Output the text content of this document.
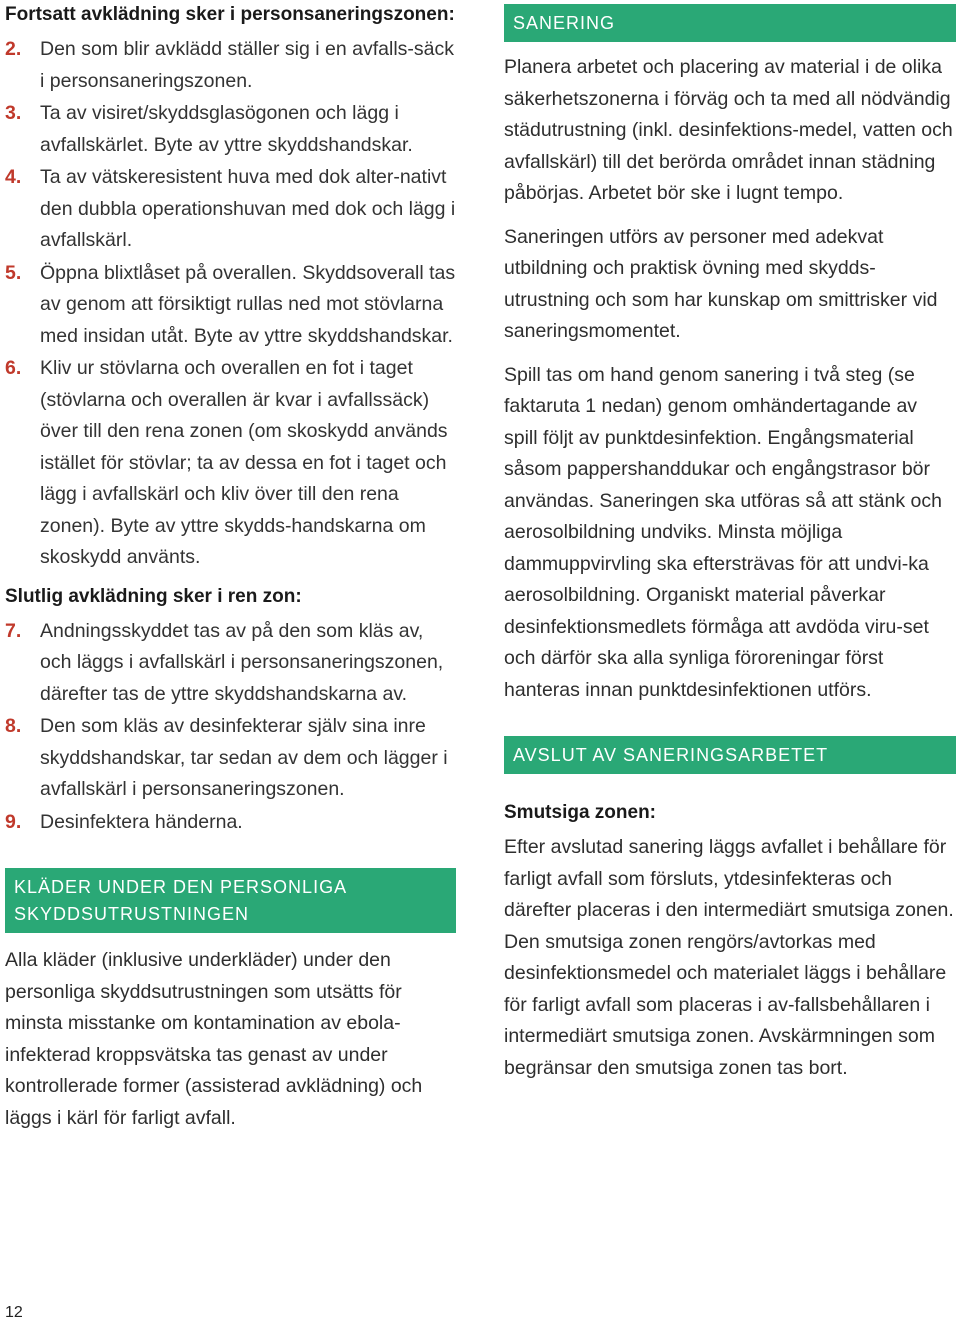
Fortsatt avklädning sker i personsaneringszonen:

2. Den som blir avklädd ställer sig i en avfalls-säck i personsaneringszonen.
3. Ta av visiret/skyddsglasögonen och lägg i avfallskärlet. Byte av yttre skyddshandskar.
4. Ta av vätskeresistent huva med dok alter-nativt den dubbla operationshuvan med dok och lägg i avfallskärl.
5. Öppna blixtlåset på overallen. Skyddsoverall tas av genom att försiktigt rullas ned mot stövlarna med insidan utåt. Byte av yttre skyddshandskar.
6. Kliv ur stövlarna och overallen en fot i taget (stövlarna och overallen är kvar i avfallssäck) över till den rena zonen (om skoskydd används istället för stövlar; ta av dessa en fot i taget och lägg i avfallskärl och kliv över till den rena zonen). Byte av yttre skydds-handskarna om skoskydd använts.

Slutlig avklädning sker i ren zon:

7. Andningsskyddet tas av på den som kläs av, och läggs i avfallskärl i personsaneringszonen, därefter tas de yttre skyddshandskarna av.
8. Den som kläs av desinfekterar själv sina inre skyddshandskar, tar sedan av dem och lägger i avfallskärl i personsaneringszonen.
9. Desinfektera händerna.
KLÄDER UNDER DEN PERSONLIGA SKYDDSUTRUSTNINGEN

Alla kläder (inklusive underkläder) under den personliga skyddsutrustningen som utsätts för minsta misstanke om kontamination av ebola-infekterad kroppsvätska tas genast av under kontrollerade former (assisterad avklädning) och läggs i kärl för farligt avfall.

SANERING

Planera arbetet och placering av material i de olika säkerhetszonerna i förväg och ta med all nödvändig städutrustning (inkl. desinfektions-medel, vatten och avfallskärl) till det berörda området innan städning påbörjas. Arbetet bör ske i lugnt tempo.

Saneringen utförs av personer med adekvat utbildning och praktisk övning med skydds-utrustning och som har kunskap om smittrisker vid saneringsmomentet.

Spill tas om hand genom sanering i två steg (se faktaruta 1 nedan) genom omhändertagande av spill följt av punktdesinfektion. Engångsmaterial såsom pappershanddukar och engångstrasor bör användas. Saneringen ska utföras så att stänk och aerosolbildning undviks. Minsta möjliga dammuppvirvling ska eftersträvas för att undvi-ka aerosolbildning. Organiskt material påverkar desinfektionsmedlets förmåga att avdöda viru-set och därför ska alla synliga föroreningar först hanteras innan punktdesinfektionen utförs.

AVSLUT AV SANERINGSARBETET

Smutsiga zonen:

Efter avslutad sanering läggs avfallet i behållare för farligt avfall som försluts, ytdesinfekteras och därefter placeras i den intermediärt smutsiga zonen. Den smutsiga zonen rengörs/avtorkas med desinfektionsmedel och materialet läggs i behållare för farligt avfall som placeras i av-fallsbehållaren i intermediärt smutsiga zonen. Avskärmningen som begränsar den smutsiga zonen tas bort.

12
